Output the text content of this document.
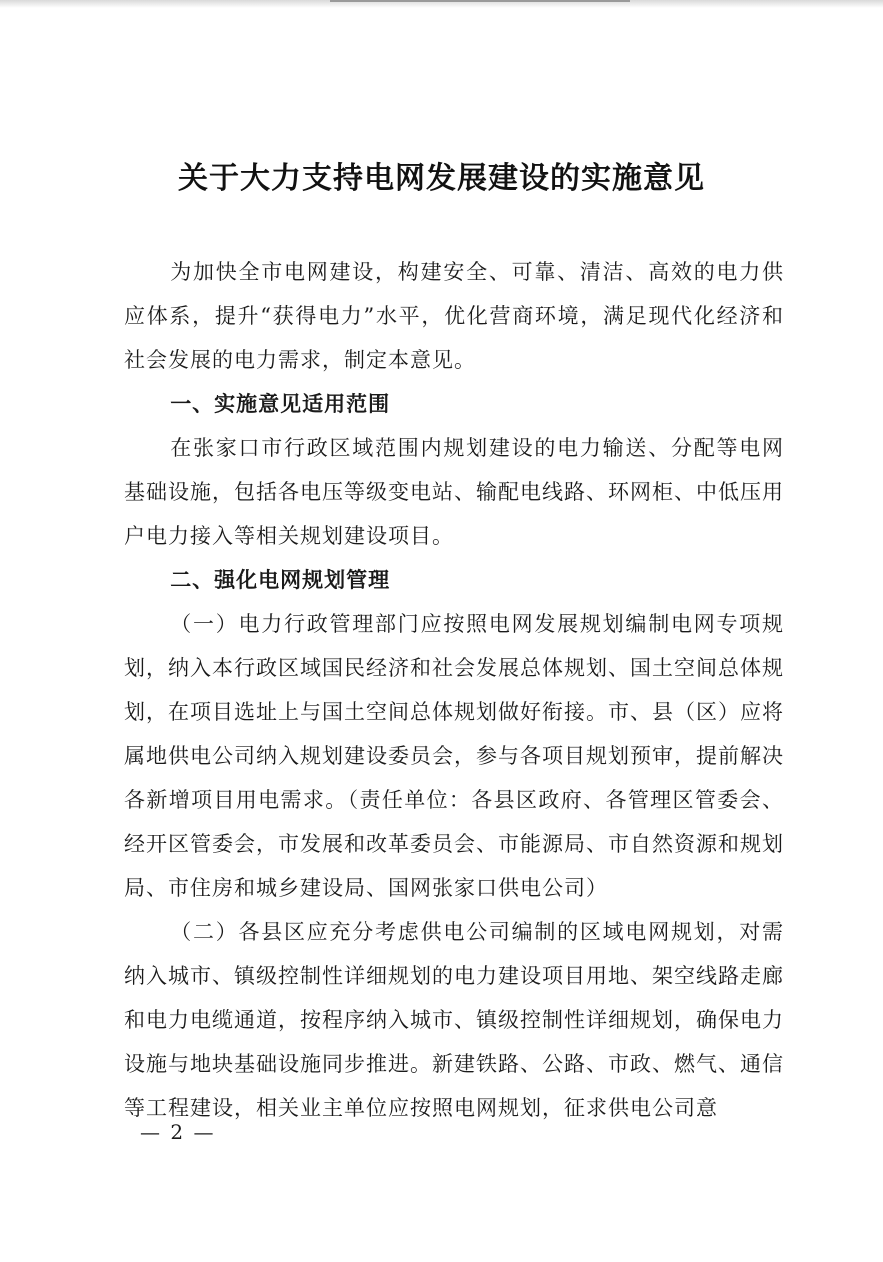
关于大力支持电网发展建设的实施意见

为加快全市电网建设，构建安全、可靠、清洁、高效的电力供应体系，提升“获得电力”水平，优化营商环境，满足现代化经济和社会发展的电力需求，制定本意见。

一、实施意见适用范围

在张家口市行政区域范围内规划建设的电力输送、分配等电网基础设施，包括各电压等级变电站、输配电线路、环网柜、中低压用户电力接入等相关规划建设项目。

二、强化电网规划管理

（一）电力行政管理部门应按照电网发展规划编制电网专项规划，纳入本行政区域国民经济和社会发展总体规划、国土空间总体规划，在项目选址上与国土空间总体规划做好衔接。市、县（区）应将属地供电公司纳入规划建设委员会，参与各项目规划预审，提前解决各新增项目用电需求。（责任单位：各县区政府、各管理区管委会、经开区管委会，市发展和改革委员会、市能源局、市自然资源和规划局、市住房和城乡建设局、国网张家口供电公司）

（二）各县区应充分考虑供电公司编制的区域电网规划，对需纳入城市、镇级控制性详细规划的电力建设项目用地、架空线路走廊和电力电缆通道，按程序纳入城市、镇级控制性详细规划，确保电力设施与地块基础设施同步推进。新建铁路、公路、市政、燃气、通信等工程建设，相关业主单位应按照电网规划，征求供电公司意

— 2 —
